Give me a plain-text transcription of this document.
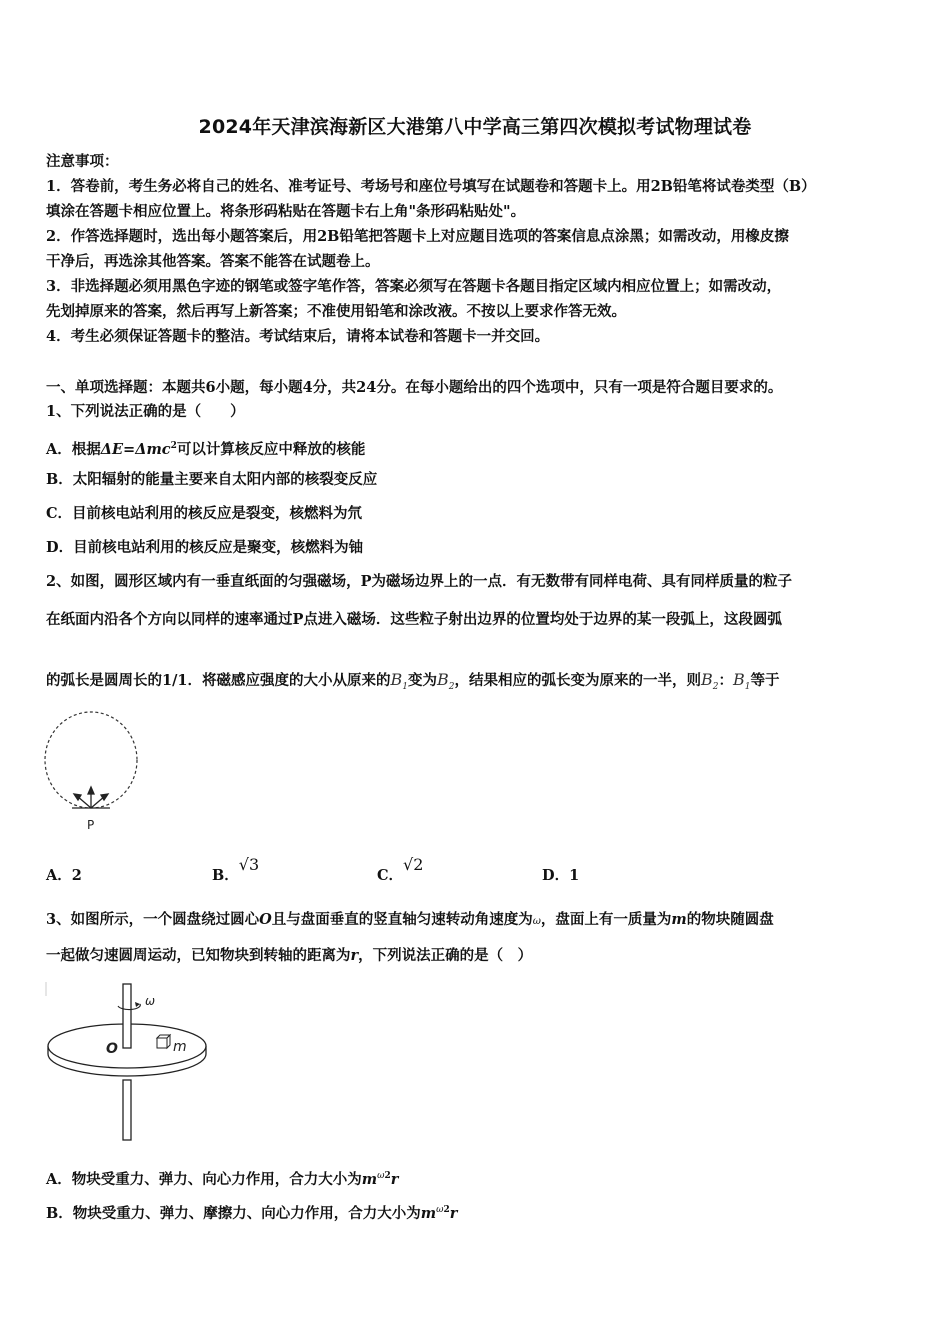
2024年天津滨海新区大港第八中学高三第四次模拟考试物理试卷
注意事项：
1．答卷前，考生务必将自己的姓名、准考证号、考场号和座位号填写在试题卷和答题卡上。用2B铅笔将试卷类型（B）
填涂在答题卡相应位置上。将条形码粘贴在答题卡右上角"条形码粘贴处"。
2．作答选择题时，选出每小题答案后，用2B铅笔把答题卡上对应题目选项的答案信息点涂黑；如需改动，用橡皮擦
干净后，再选涂其他答案。答案不能答在试题卷上。
3．非选择题必须用黑色字迹的钢笔或签字笔作答，答案必须写在答题卡各题目指定区域内相应位置上；如需改动，
先划掉原来的答案，然后再写上新答案；不准使用铅笔和涂改液。不按以上要求作答无效。
4．考生必须保证答题卡的整洁。考试结束后，请将本试卷和答题卡一并交回。
一、单项选择题：本题共6小题，每小题4分，共24分。在每小题给出的四个选项中，只有一项是符合题目要求的。
1、下列说法正确的是（　　）
A．根据ΔE=Δmc$^2$可以计算核反应中释放的核能
B．太阳辐射的能量主要来自太阳内部的核裂变反应
C．目前核电站利用的核反应是裂变，核燃料为氘
D．目前核电站利用的核反应是聚变，核燃料为铀
2、如图，圆形区域内有一垂直纸面的匀强磁场，P为磁场边界上的一点．有无数带有同样电荷、具有同样质量的粒子
在纸面内沿各个方向以同样的速率通过P点进入磁场．这些粒子射出边界的位置均处于边界的某一段弧上，这段圆弧
的弧长是圆周长的1/1．将磁感应强度的大小从原来的$B_1$变为$B_2$，结果相应的弧长变为原来的一半，则$B_2$：$B_1$等于
P
A．2	B．√3
C．√2
D．1
3、如图所示，一个圆盘绕过圆心O且与盘面垂直的竖直轴匀速转动角速度为ω，盘面上有一质量为m的物块随圆盘
一起做匀速圆周运动，已知物块到转轴的距离为r，下列说法正确的是（　）
ω
O	m
A．物块受重力、弹力、向心力作用，合力大小为$m^{\omega 2}r$
B．物块受重力、弹力、摩擦力、向心力作用，合力大小为$m^{\omega 2}r$
